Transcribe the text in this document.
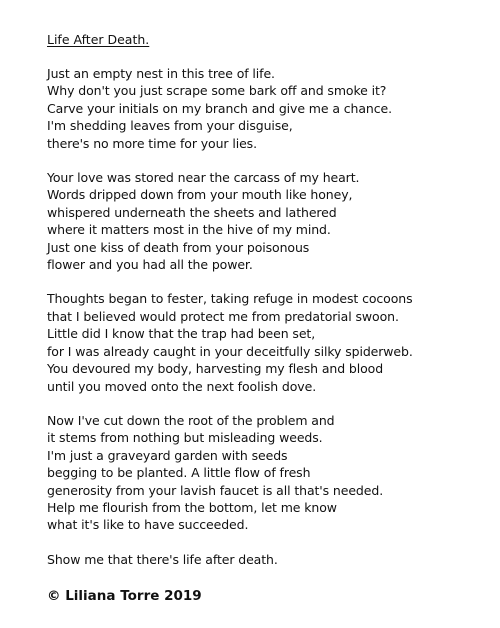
Life After Death.
Just an empty nest in this tree of life.
Why don't you just scrape some bark off and smoke it?
Carve your initials on my branch and give me a chance.
I'm shedding leaves from your disguise,
there's no more time for your lies.
Your love was stored near the carcass of my heart.
Words dripped down from your mouth like honey,
whispered underneath the sheets and lathered
where it matters most in the hive of my mind.
Just one kiss of death from your poisonous
flower and you had all the power.
Thoughts began to fester, taking refuge in modest cocoons
that I believed would protect me from predatorial swoon.
Little did I know that the trap had been set,
for I was already caught in your deceitfully silky spiderweb.
You devoured my body, harvesting my flesh and blood
until you moved onto the next foolish dove.
Now I've cut down the root of the problem and
it stems from nothing but misleading weeds.
I'm just a graveyard garden with seeds
begging to be planted. A little flow of fresh
generosity from your lavish faucet is all that's needed.
Help me flourish from the bottom, let me know
what it's like to have succeeded.
Show me that there's life after death.
© Liliana Torre 2019
